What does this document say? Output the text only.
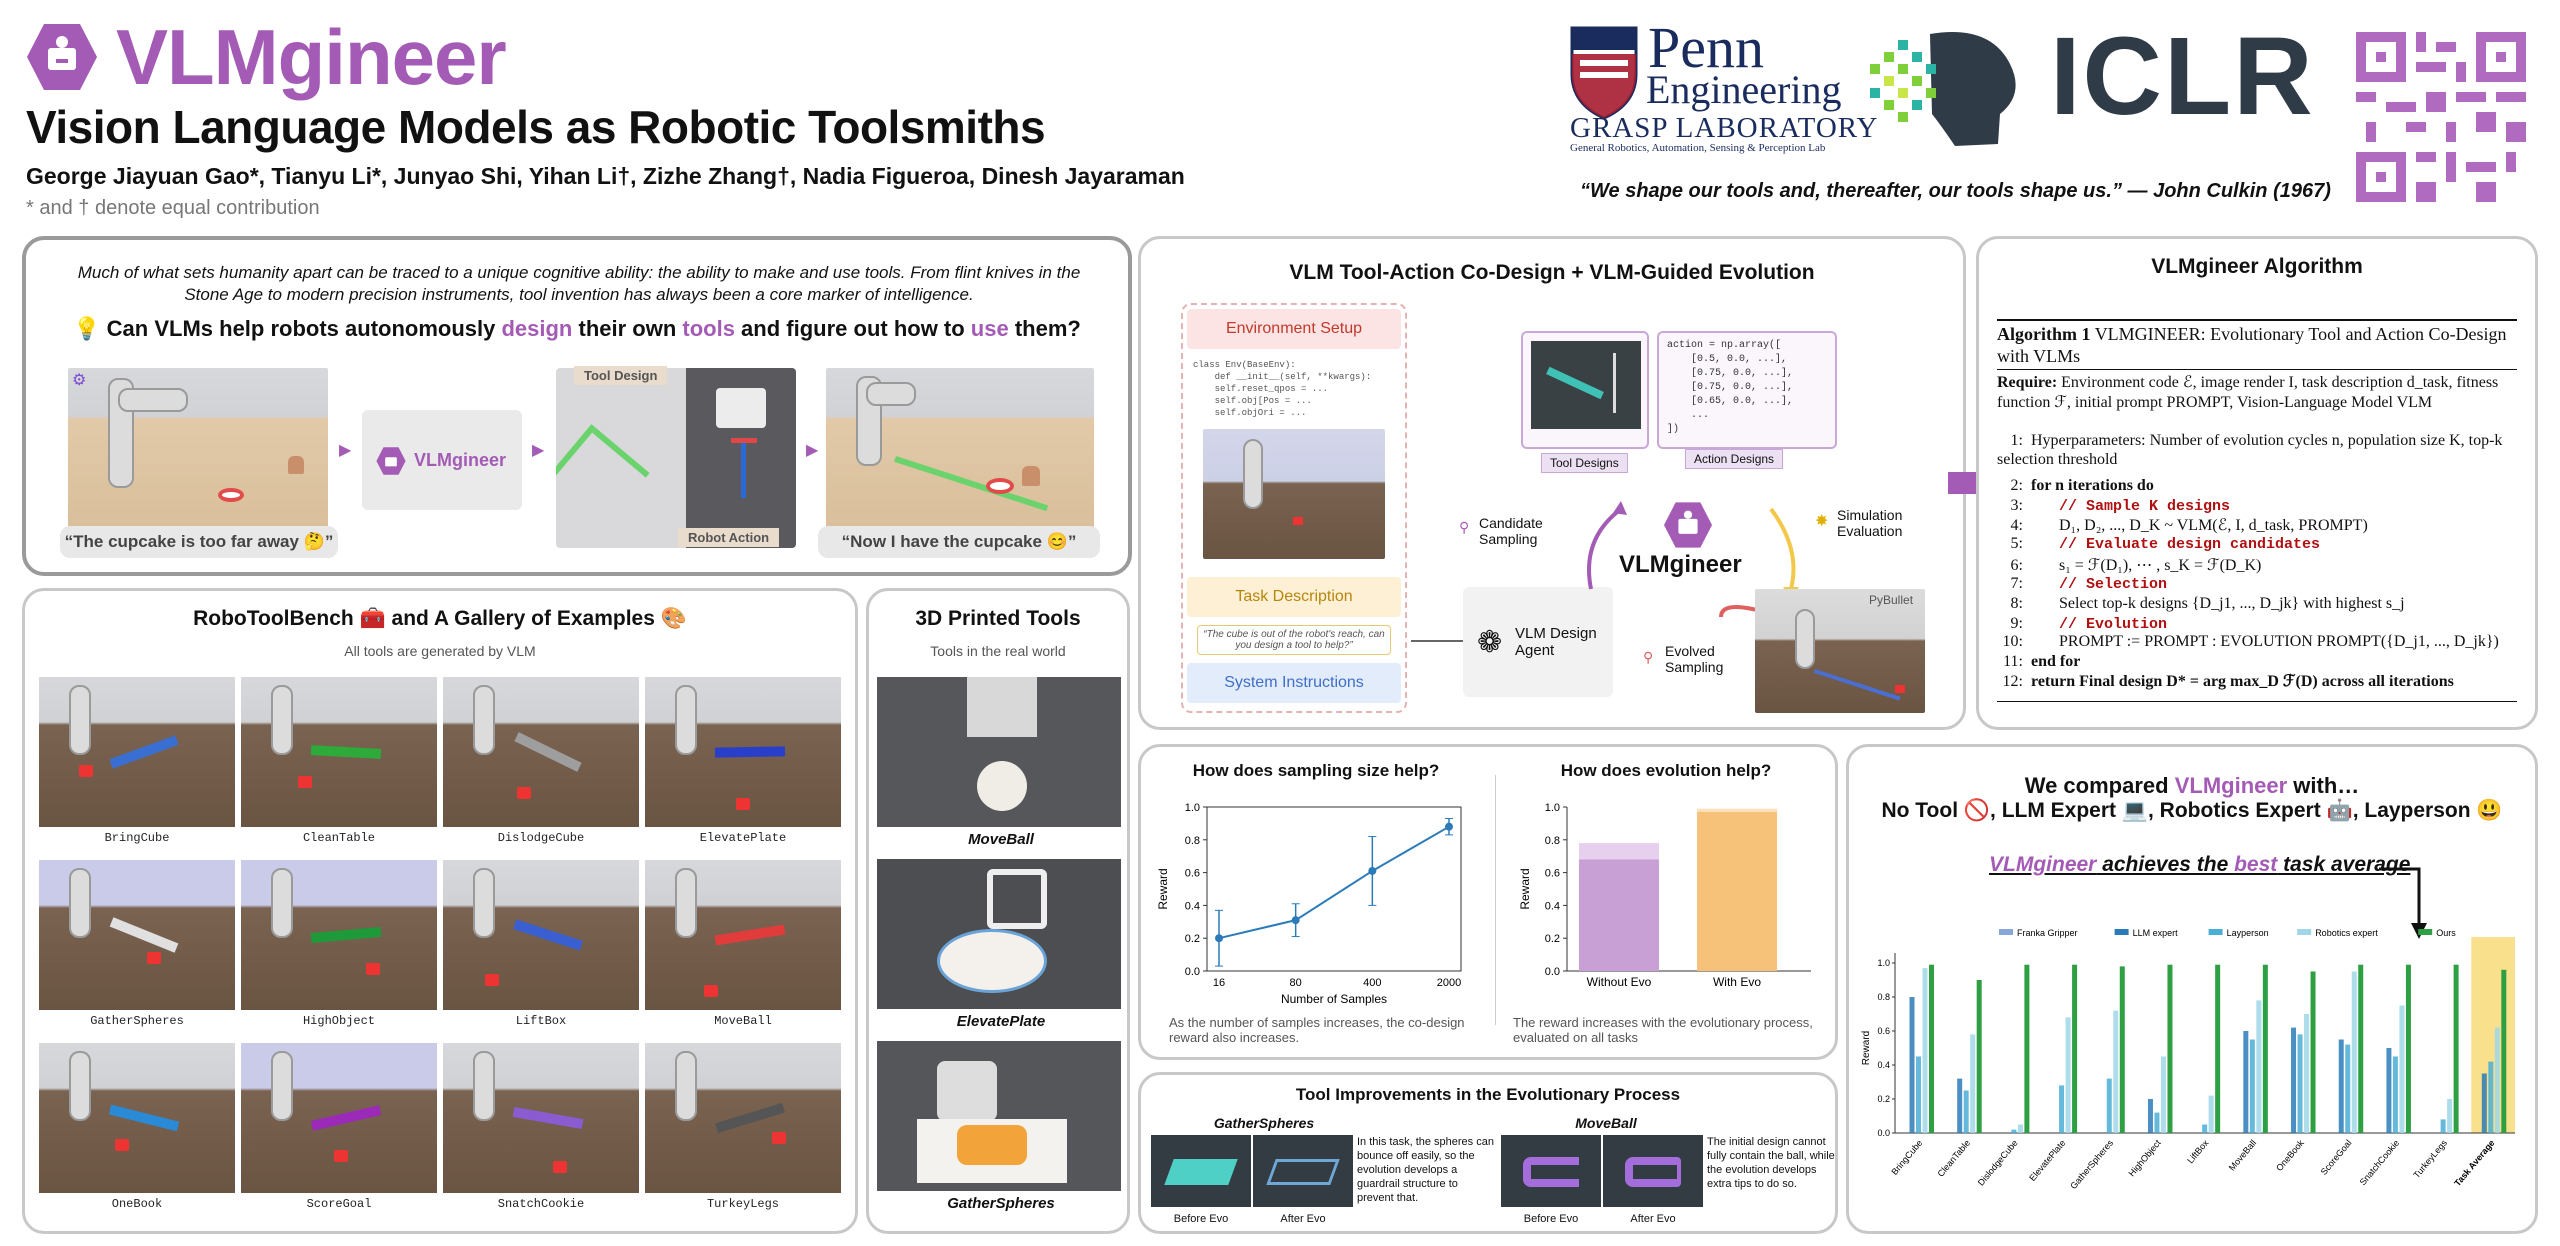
VLMgineer
Vision Language Models as Robotic Toolsmiths
George Jiayuan Gao*, Tianyu Li*, Junyao Shi, Yihan Li†, Zizhe Zhang†, Nadia Figueroa, Dinesh Jayaraman
* and † denote equal contribution
Penn
Engineering
GRASP LABORATORY
General Robotics, Automation, Sensing & Perception Lab
ICLR
“We shape our tools and, thereafter, our tools shape us.” — John Culkin (1967)
Much of what sets humanity apart can be traced to a unique cognitive ability: the ability to make and use tools. From flint knives in the Stone Age to modern precision instruments, tool invention has always been a core marker of intelligence.
💡 Can VLMs help robots autonomously design their own tools and figure out how to use them?
⚙
▶	VLMgineer ▶
Tool Design
Robot Action
▶
“The cupcake is too far away 🤔”	“Now I have the cupcake 😊”
RoboToolBench 🧰 and A Gallery of Examples 🎨
All tools are generated by VLM
BringCube	CleanTable	DislodgeCube	ElevatePlate
GatherSpheres	HighObject	LiftBox	MoveBall
OneBook	ScoreGoal	SnatchCookie	TurkeyLegs
3D Printed Tools
Tools in the real world
MoveBall
ElevatePlate
GatherSpheres
VLM Tool-Action Co-Design + VLM-Guided Evolution
Environment Setup
class Env(BaseEnv):
def __init__(self, **kwargs):
self.reset_qpos = ...
self.obj[Pos = ...
self.objOri = ...
Task Description
“The cube is out of the robot's reach, can you design a tool to help?”
System Instructions
❁ VLM Design Agent
Tool Designs
action = np.array([
[0.5, 0.0, ...],
[0.75, 0.0, ...],
[0.75, 0.0, ...],
[0.65, 0.0, ...],
...
])
Action Designs
VLMgineer
⚲ Candidate Sampling
✸ Simulation Evaluation
⚲ Evolved Sampling
PyBullet
VLMgineer Algorithm
Algorithm 1 VLMGINEER: Evolutionary Tool and Action Co-Design with VLMs
Require: Environment code ℰ, image render I, task description d_task, fitness function ℱ, initial prompt PROMPT, Vision-Language Model VLM
1: Hyperparameters: Number of evolution cycles n, population size K, top-k selection threshold
2: for n iterations do
3: // Sample K designs
4: D₁, D₂, ..., D_K ~ VLM(ℰ, I, d_task, PROMPT)
5: // Evaluate design candidates
6: s₁ = ℱ(D₁), ⋯ , s_K = ℱ(D_K)
7: // Selection
8: Select top-k designs {D_j1, ..., D_jk} with highest s_j
9: // Evolution
10: PROMPT := PROMPT : EVOLUTION PROMPT({D_j1, ..., D_jk})
11: end for
12: return Final design D* = arg max_D ℱ(D) across all iterations
How does sampling size help?	How does evolution help?
0.0
0.2
0.4
0.6
0.8
1.0
16	80	400	2000
Number of Samples
Reward
0.0
0.2
0.4
0.6
0.8
1.0
Reward
Without Evo	With Evo
As the number of samples increases, the co-design reward also increases.
The reward increases with the evolutionary process, evaluated on all tasks
Tool Improvements in the Evolutionary Process
GatherSpheres
Before Evo	After Evo
In this task, the spheres can bounce off easily, so the evolution develops a guardrail structure to prevent that.
MoveBall
Before Evo	After Evo
The initial design cannot fully contain the ball, while the evolution develops extra tips to do so.
We compared VLMgineer with…
No Tool 🚫, LLM Expert 💻, Robotics Expert 🤖, Layperson 😃
VLMgineer achieves the best task average
Franka Gripper	LLM expert	Layperson	Robotics expert	Ours
0.0
0.2
0.4
0.6
0.8
1.0
Reward
BringCube CleanTable DislodgeCube ElevatePlate GatherSpheres HighObject LiftBox MoveBall OneBook ScoreGoal SnatchCookie TurkeyLegs Task Average
